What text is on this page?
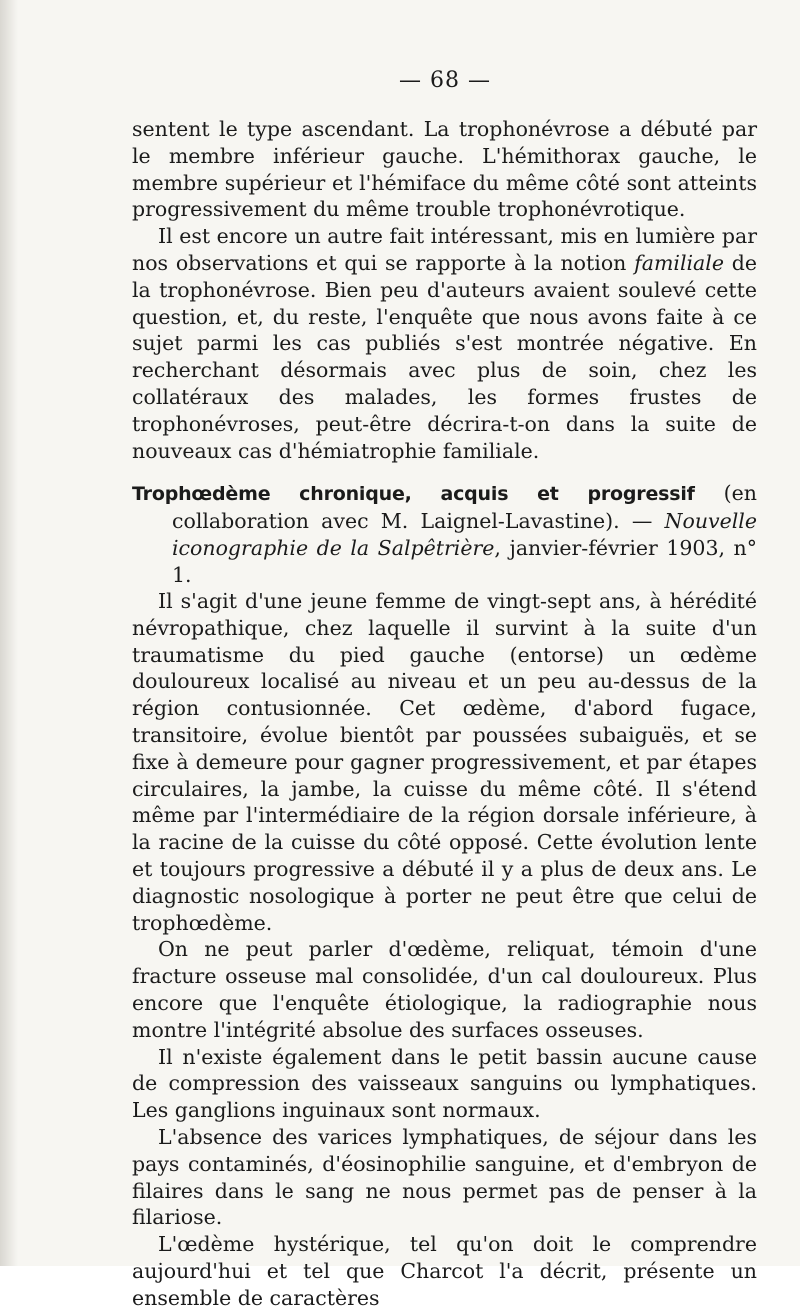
— 68 —

sentent le type ascendant. La trophonévrose a débuté par le membre inférieur gauche. L'hémithorax gauche, le membre supérieur et l'hémiface du même côté sont atteints progressivement du même trouble trophonévrotique.

Il est encore un autre fait intéressant, mis en lumière par nos observations et qui se rapporte à la notion familiale de la trophonévrose. Bien peu d'auteurs avaient soulevé cette question, et, du reste, l'enquête que nous avons faite à ce sujet parmi les cas publiés s'est montrée négative. En recherchant désormais avec plus de soin, chez les collatéraux des malades, les formes frustes de trophonévroses, peut-être décrira-t-on dans la suite de nouveaux cas d'hémiatrophie familiale.

Trophœdème chronique, acquis et progressif (en collaboration avec M. Laignel-Lavastine). — Nouvelle iconographie de la Salpêtrière, janvier-février 1903, n° 1.

Il s'agit d'une jeune femme de vingt-sept ans, à hérédité névropathique, chez laquelle il survint à la suite d'un traumatisme du pied gauche (entorse) un œdème douloureux localisé au niveau et un peu au-dessus de la région contusionnée. Cet œdème, d'abord fugace, transitoire, évolue bientôt par poussées subaiguës, et se fixe à demeure pour gagner progressivement, et par étapes circulaires, la jambe, la cuisse du même côté. Il s'étend même par l'intermédiaire de la région dorsale inférieure, à la racine de la cuisse du côté opposé. Cette évolution lente et toujours progressive a débuté il y a plus de deux ans. Le diagnostic nosologique à porter ne peut être que celui de trophœdème.

On ne peut parler d'œdème, reliquat, témoin d'une fracture osseuse mal consolidée, d'un cal douloureux. Plus encore que l'enquête étiologique, la radiographie nous montre l'intégrité absolue des surfaces osseuses.

Il n'existe également dans le petit bassin aucune cause de compression des vaisseaux sanguins ou lymphatiques. Les ganglions inguinaux sont normaux.

L'absence des varices lymphatiques, de séjour dans les pays contaminés, d'éosinophilie sanguine, et d'embryon de filaires dans le sang ne nous permet pas de penser à la filariose.

L'œdème hystérique, tel qu'on doit le comprendre aujourd'hui et tel que Charcot l'a décrit, présente un ensemble de caractères
